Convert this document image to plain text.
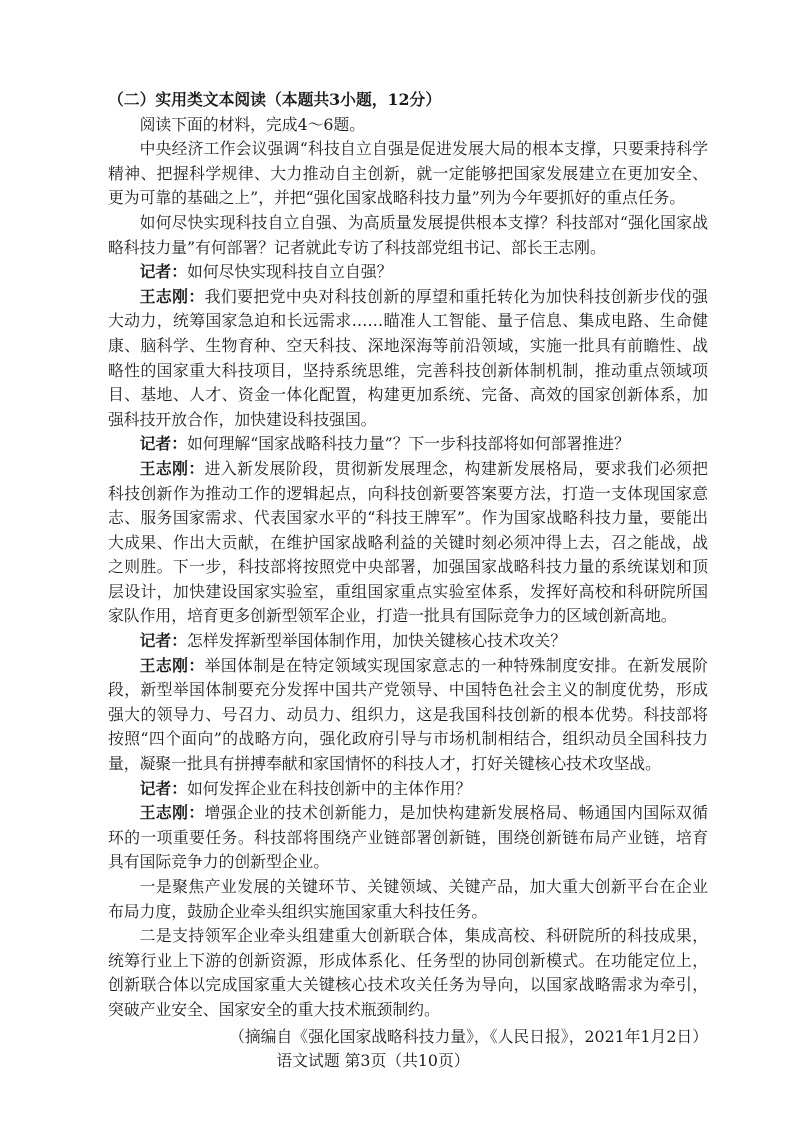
（二）实用类文本阅读（本题共3小题，12分）

阅读下面的材料，完成4～6题。

中央经济工作会议强调“科技自立自强是促进发展大局的根本支撑，只要秉持科学精神、把握科学规律、大力推动自主创新，就一定能够把国家发展建立在更加安全、更为可靠的基础之上”，并把“强化国家战略科技力量”列为今年要抓好的重点任务。

如何尽快实现科技自立自强、为高质量发展提供根本支撑？科技部对“强化国家战略科技力量”有何部署？记者就此专访了科技部党组书记、部长王志刚。

记者：如何尽快实现科技自立自强？

王志刚：我们要把党中央对科技创新的厚望和重托转化为加快科技创新步伐的强大动力，统筹国家急迫和长远需求……瞄准人工智能、量子信息、集成电路、生命健康、脑科学、生物育种、空天科技、深地深海等前沿领域，实施一批具有前瞻性、战略性的国家重大科技项目，坚持系统思维，完善科技创新体制机制，推动重点领域项目、基地、人才、资金一体化配置，构建更加系统、完备、高效的国家创新体系，加强科技开放合作，加快建设科技强国。

记者：如何理解“国家战略科技力量”？下一步科技部将如何部署推进？

王志刚：进入新发展阶段，贯彻新发展理念，构建新发展格局，要求我们必须把科技创新作为推动工作的逻辑起点，向科技创新要答案要方法，打造一支体现国家意志、服务国家需求、代表国家水平的“科技王牌军”。作为国家战略科技力量，要能出大成果、作出大贡献，在维护国家战略利益的关键时刻必须冲得上去，召之能战，战之则胜。下一步，科技部将按照党中央部署，加强国家战略科技力量的系统谋划和顶层设计，加快建设国家实验室，重组国家重点实验室体系，发挥好高校和科研院所国家队作用，培育更多创新型领军企业，打造一批具有国际竞争力的区域创新高地。

记者：怎样发挥新型举国体制作用，加快关键核心技术攻关？

王志刚：举国体制是在特定领域实现国家意志的一种特殊制度安排。在新发展阶段，新型举国体制要充分发挥中国共产党领导、中国特色社会主义的制度优势，形成强大的领导力、号召力、动员力、组织力，这是我国科技创新的根本优势。科技部将按照“四个面向”的战略方向，强化政府引导与市场机制相结合，组织动员全国科技力量，凝聚一批具有拼搏奉献和家国情怀的科技人才，打好关键核心技术攻坚战。

记者：如何发挥企业在科技创新中的主体作用？

王志刚：增强企业的技术创新能力，是加快构建新发展格局、畅通国内国际双循环的一项重要任务。科技部将围绕产业链部署创新链，围绕创新链布局产业链，培育具有国际竞争力的创新型企业。

一是聚焦产业发展的关键环节、关键领域、关键产品，加大重大创新平台在企业布局力度，鼓励企业牵头组织实施国家重大科技任务。

二是支持领军企业牵头组建重大创新联合体，集成高校、科研院所的科技成果，统筹行业上下游的创新资源，形成体系化、任务型的协同创新模式。在功能定位上，创新联合体以完成国家重大关键核心技术攻关任务为导向，以国家战略需求为牵引，突破产业安全、国家安全的重大技术瓶颈制约。

（摘编自《强化国家战略科技力量》，《人民日报》，2021年1月2日）

语文试题 第3页（共10页）
